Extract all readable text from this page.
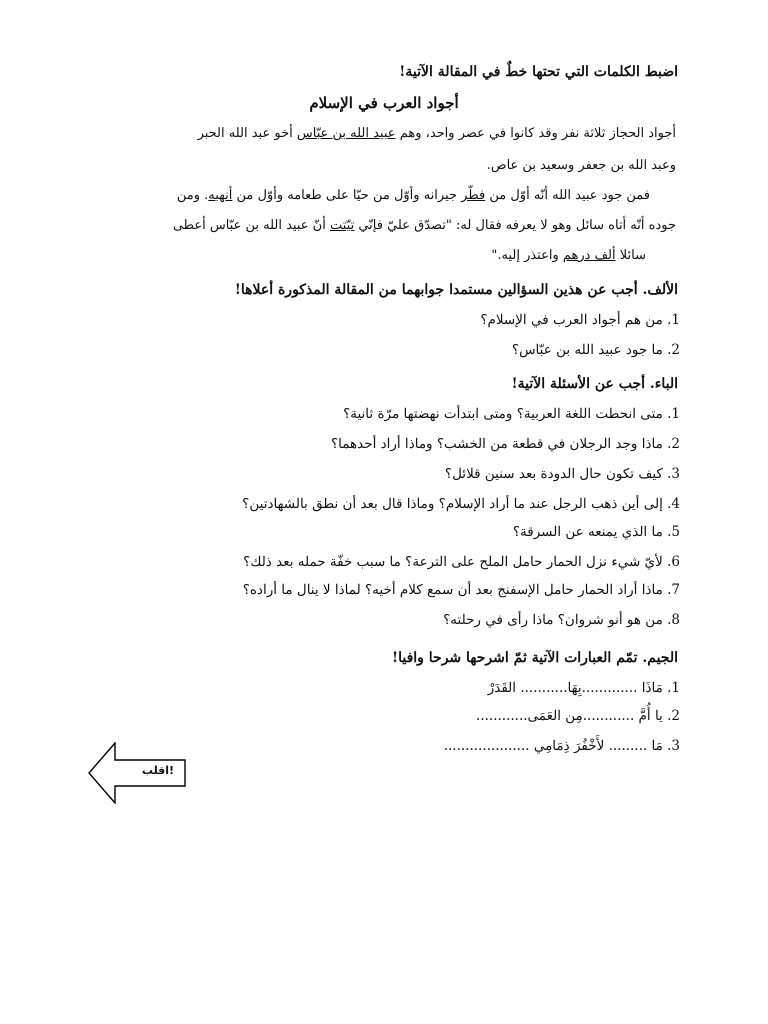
اضبط الكلمات التي تحتها خطٌ في المقالة الآتية!
أجواد العرب في الإسلام
أجواد الحجاز ثلاثة نفر وقد كانوا في عصر واحد، وهم عبيد الله بن عبّاس أخو عبد الله الحبر
وعبد الله بن جعفر وسعيد بن عاص.
فمن جود عبيد الله أنّه أوّل من فطّر جيرانه وأوّل من حيّا على طعامه وأوّل من أنهبه. ومن
جوده أنّه أتاه سائل وهو لا يعرفه فقال له: "تصدّق عليّ فإنّي تيّتت أنّ عبيد الله بن عبّاس أعطى
سائلا ألف درهم واعتذر إليه."
الألف. أجب عن هذين السؤالين مستمدا جوابهما من المقالة المذكورة أعلاها!
1. من هم أجواد العرب في الإسلام؟
2. ما جود عبيد الله بن عبّاس؟
الباء. أجب عن الأسئلة الآتية!
1. متى انحطت اللغة العربية؟ ومتى ابتدأت نهضتها مرّة ثانية؟
2. ماذا وجد الرجلان في قطعة من الخشب؟ وماذا أراد أحدهما؟
3. كيف تكون حال الدودة بعد سنين قلائل؟
4. إلى أين ذهب الرجل عند ما أراد الإسلام؟ وماذا قال بعد أن نطق بالشهادتين؟
5. ما الذي يمنعه عن السرقة؟
6. لأيّ شيء نزل الحمار حامل الملح على الترعة؟ ما سبب خفّة حمله بعد ذلك؟
7. ماذا أراد الحمار حامل الإسفنج بعد أن سمع كلام أخيه؟ لماذا لا ينال ما أراده؟
8. من هو أنو شروان؟ ماذا رأى في رحلته؟
الجيم. تمّم العبارات الآتية ثمّ اشرحها شرحا وافيا!
1. مَاذَا .............بِهَا........... القَدَرْ
2. يا أُمَّ ............مِن العَمَى............
3. مَا ......... لأَخْفُرَ ذِمَامِي ....................
اقلب!
